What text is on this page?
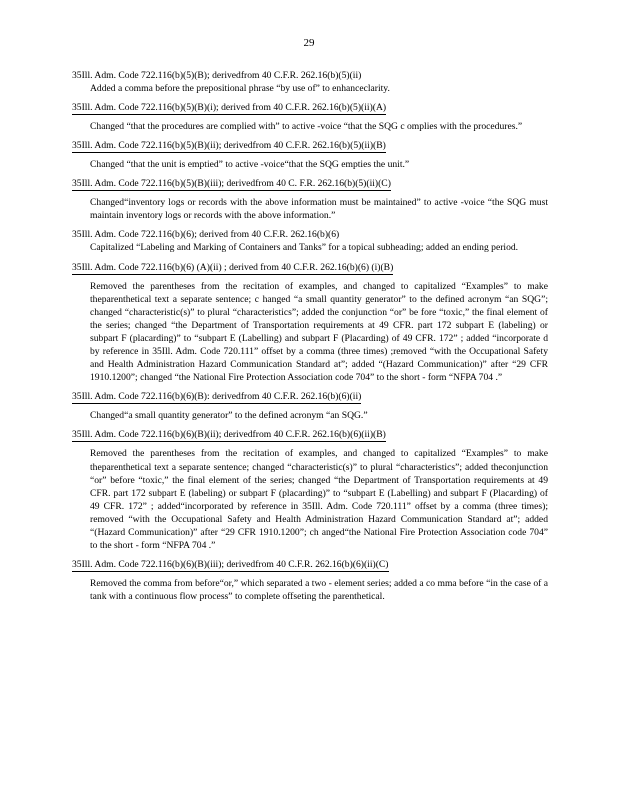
29
35Ill. Adm. Code 722.116(b)(5)(B); derivedfrom 40 C.F.R. 262.16(b)(5)(ii)
Added a comma before the prepositional phrase “by use of” to enhanceclarity.
35Ill. Adm. Code 722.116(b)(5)(B)(i); derived from 40 C.F.R. 262.16(b)(5)(ii)(A)
Changed “that the procedures are complied with” to active -voice “that the SQG c omplies with the procedures.”
35Ill. Adm. Code 722.116(b)(5)(B)(ii); derivedfrom 40 C.F.R. 262.16(b)(5)(ii)(B)
Changed “that the unit is emptied” to active -voice“that the SQG empties the unit.”
35Ill. Adm. Code 722.116(b)(5)(B)(iii); derivedfrom 40 C. F.R. 262.16(b)(5)(ii)(C)
Changed“inventory logs or records with the above information must be maintained” to active -voice “the SQG must maintain inventory logs or records with the above information.”
35Ill. Adm. Code 722.116(b)(6); derived from 40 C.F.R. 262.16(b)(6)
Capitalized “Labeling and Marking of Containers and Tanks” for a topical subheading; added an ending period.
35Ill. Adm. Code 722.116(b)(6) (A)(ii) ; derived from 40 C.F.R. 262.16(b)(6) (i)(B)
Removed the parentheses from the recitation of examples, and changed to capitalized “Examples” to make theparenthetical text a separate sentence; c hanged “a small quantity generator” to the defined acronym “an SQG”; changed “characteristic(s)” to plural “characteristics”; added the conjunction “or” be fore “toxic,” the final element of the series; changed “the Department of Transportation requirements at 49 CFR. part 172 subpart E (labeling) or subpart F (placarding)” to “subpart E (Labelling) and subpart F (Placarding) of 49 CFR. 172” ; added “incorporate d by reference in 35Ill. Adm. Code 720.111” offset by a comma (three times) ;removed “with the Occupational Safety and Health Administration Hazard Communication Standard at”; added “(Hazard Communication)” after “29 CFR 1910.1200”; changed “the National Fire Protection Association code 704” to the short - form “NFPA 704 .”
35Ill. Adm. Code 722.116(b)(6)(B): derivedfrom 40 C.F.R. 262.16(b)(6)(ii)
Changed“a small quantity generator” to the defined acronym “an SQG.”
35Ill. Adm. Code 722.116(b)(6)(B)(ii); derivedfrom 40 C.F.R. 262.16(b)(6)(ii)(B)
Removed the parentheses from the recitation of examples, and changed to capitalized “Examples” to make theparenthetical text a separate sentence; changed “characteristic(s)” to plural “characteristics”; added theconjunction “or” before “toxic,” the final element of the series; changed “the Department of Transportation requirements at 49 CFR. part 172 subpart E (labeling) or subpart F (placarding)” to “subpart E (Labelling) and subpart F (Placarding) of 49 CFR. 172” ; added“incorporated by reference in 35Ill. Adm. Code 720.111” offset by a comma (three times); removed “with the Occupational Safety and Health Administration Hazard Communication Standard at”; added “(Hazard Communication)” after “29 CFR 1910.1200”; ch anged“the National Fire Protection Association code 704” to the short - form “NFPA 704 .”
35Ill. Adm. Code 722.116(b)(6)(B)(iii); derivedfrom 40 C.F.R. 262.16(b)(6)(ii)(C)
Removed the comma from before“or,” which separated a two - element series; added a co mma before “in the case of a tank with a continuous flow process” to complete offseting the parenthetical.
